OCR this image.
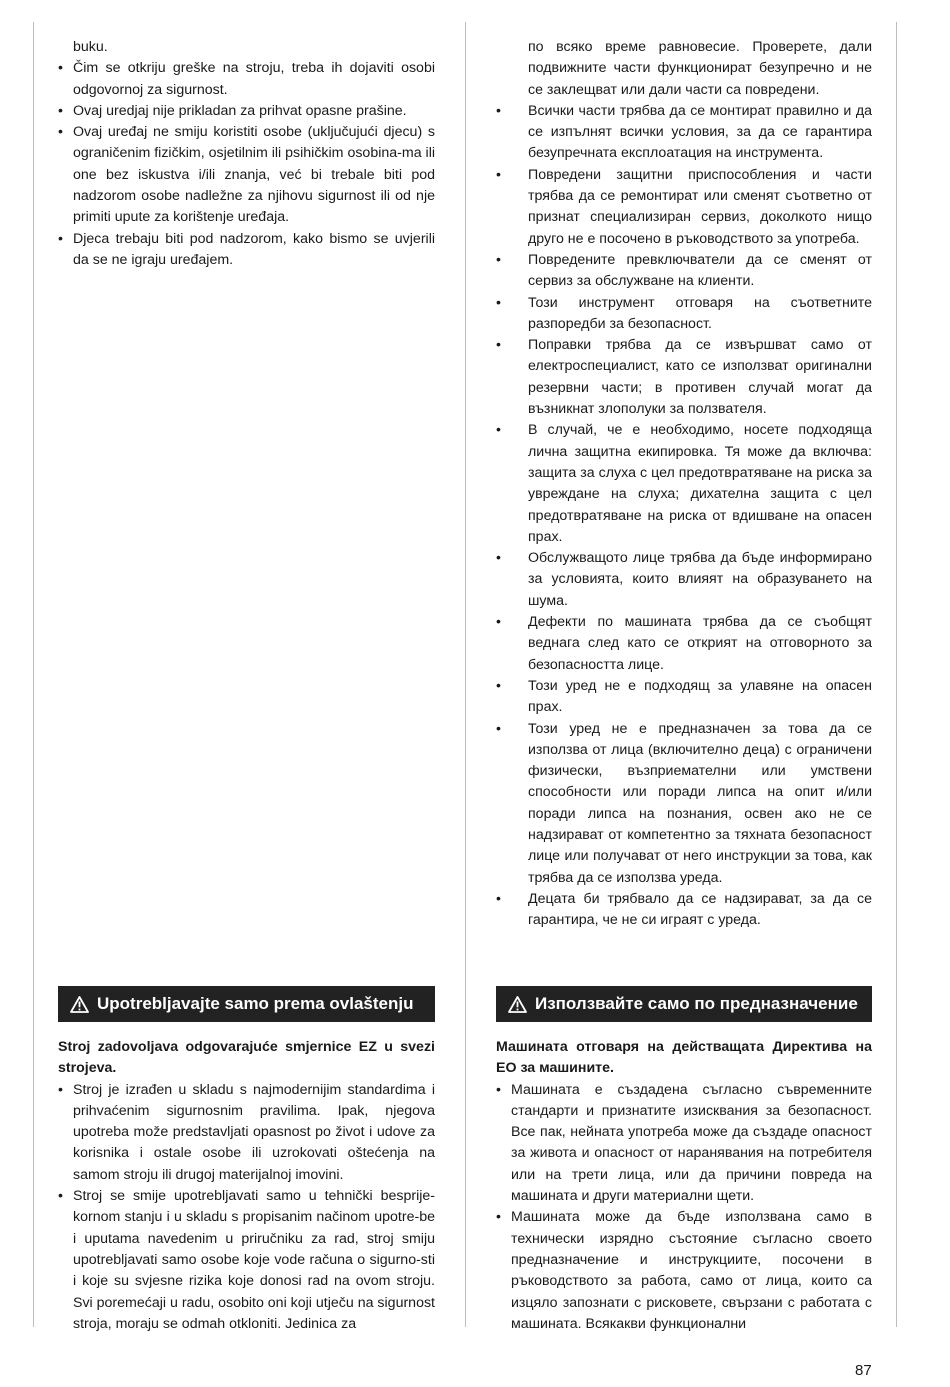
buku.

• Čim se otkriju greške na stroju, treba ih dojaviti osobi odgovornoj za sigurnost.
• Ovaj uredjaj nije prikladan za prihvat opasne prašine.
• Ovaj uređaj ne smiju koristiti osobe (uključujući djecu) s ograničenim fizičkim, osjetilnim ili psihičkim osobina-ma ili one bez iskustva i/ili znanja, već bi trebale biti pod nadzorom osobe nadležne za njihovu sigurnost ili od nje primiti upute za korištenje uređaja.
• Djeca trebaju biti pod nadzorom, kako bismo se uvjerili da se ne igraju uređajem.

по всяко време равновесие. Проверете, дали подвижните части функционират безупречно и не се заклещват или дали части са повредени.

• Всички части трябва да се монтират правилно и да се изпълнят всички условия, за да се гарантира безупречната експлоатация на инструмента.
• Повредени защитни приспособления и части трябва да се ремонтират или сменят съответно от признат специализиран сервиз, доколкото нищо друго не е посочено в ръководството за употреба.
• Повредените превключватели да се сменят от сервиз за обслужване на клиенти.
• Този инструмент отговаря на съответните разпоредби за безопасност.
• Поправки трябва да се извършват само от електроспециалист, като се използват оригинални резервни части; в противен случай могат да възникнат злополуки за ползвателя.
• В случай, че е необходимо, носете подходяща лична защитна екипировка. Тя може да включва: защита за слуха с цел предотвратяване на риска за увреждане на слуха; дихателна защита с цел предотвратяване на риска от вдишване на опасен прах.
• Обслужващото лице трябва да бъде информирано за условията, които влияят на образуването на шума.
• Дефекти по машината трябва да се съобщят веднага след като се открият на отговорното за безопасността лице.
• Този уред не е подходящ за улавяне на опасен прах.
• Този уред не е предназначен за това да се използва от лица (включително деца) с ограничени физически, възприемателни или умствени способности или поради липса на опит и/или поради липса на познания, освен ако не се надзирават от компетентно за тяхната безопасност лице или получават от него инструкции за това, как трябва да се използва уреда.
• Децата би трябвало да се надзирават, за да се гарантира, че не си играят с уреда.
Upotrebljavajte samo prema ovlaštenju	Използвайте само по предназначение

Stroj zadovoljava odgovarajuće smjernice EZ u svezi strojeva.

• Stroj je izrađen u skladu s najmodernijim standardima i prihvaćenim sigurnosnim pravilima. Ipak, njegova upotreba može predstavljati opasnost po život i udove za korisnika i ostale osobe ili uzrokovati oštećenja na samom stroju ili drugoj materijalnoj imovini.
• Stroj se smije upotrebljavati samo u tehnički besprije-kornom stanju i u skladu s propisanim načinom upotre-be i uputama navedenim u priručniku za rad, stroj smiju upotrebljavati samo osobe koje vode računa o sigurno-sti i koje su svjesne rizika koje donosi rad na ovom stroju. Svi poremećaji u radu, osobito oni koji utječu na sigurnost stroja, moraju se odmah otkloniti. Jedinica za

Машината отговаря на действащата Директива на ЕО за машините.

• Машината е създадена съгласно съвременните стандарти и признатите изисквания за безопасност. Все пак, нейната употреба може да създаде опасност за живота и опасност от наранявания на потребителя или на трети лица, или да причини повреда на машината и други материални щети.
• Машината може да бъде използвана само в технически изрядно състояние съгласно своето предназначение и инструкциите, посочени в ръководството за работа, само от лица, които са изцяло запознати с рисковете, свързани с работата с машината. Всякакви функционални
87
